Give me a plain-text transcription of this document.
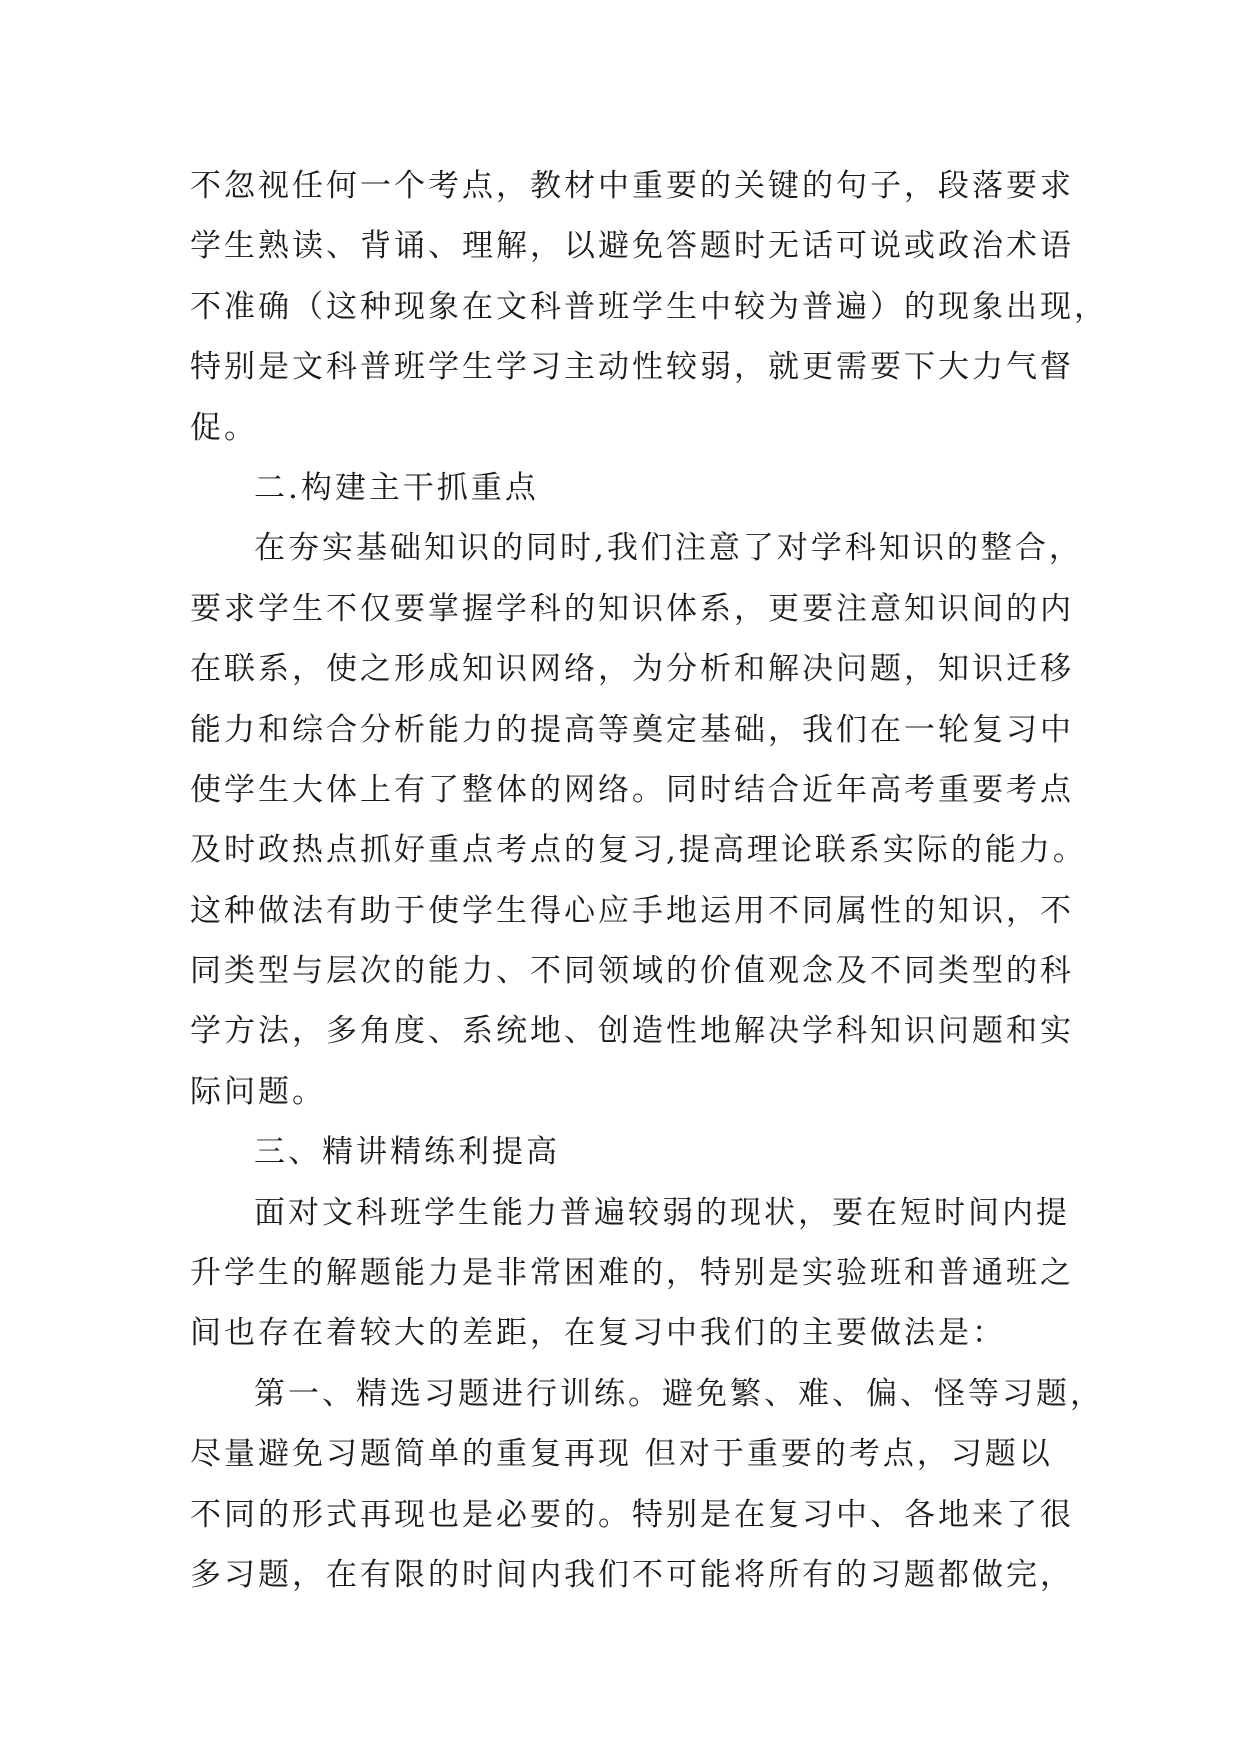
不忽视任何一个考点，教材中重要的关键的句子，段落要求
学生熟读、背诵、理解，以避免答题时无话可说或政治术语
不准确（这种现象在文科普班学生中较为普遍）的现象出现，
特别是文科普班学生学习主动性较弱，就更需要下大力气督
促。
二.构建主干抓重点
在夯实基础知识的同时,我们注意了对学科知识的整合，
要求学生不仅要掌握学科的知识体系，更要注意知识间的内
在联系，使之形成知识网络，为分析和解决问题，知识迁移
能力和综合分析能力的提高等奠定基础，我们在一轮复习中
使学生大体上有了整体的网络。同时结合近年高考重要考点
及时政热点抓好重点考点的复习,提高理论联系实际的能力。
这种做法有助于使学生得心应手地运用不同属性的知识，不
同类型与层次的能力、不同领域的价值观念及不同类型的科
学方法，多角度、系统地、创造性地解决学科知识问题和实
际问题。
三、精讲精练利提高
面对文科班学生能力普遍较弱的现状，要在短时间内提
升学生的解题能力是非常困难的，特别是实验班和普通班之
间也存在着较大的差距，在复习中我们的主要做法是：
第一、精选习题进行训练。避免繁、难、偏、怪等习题，
尽量避免习题简单的重复再现 但对于重要的考点，习题以
不同的形式再现也是必要的。特别是在复习中、各地来了很
多习题，在有限的时间内我们不可能将所有的习题都做完，
